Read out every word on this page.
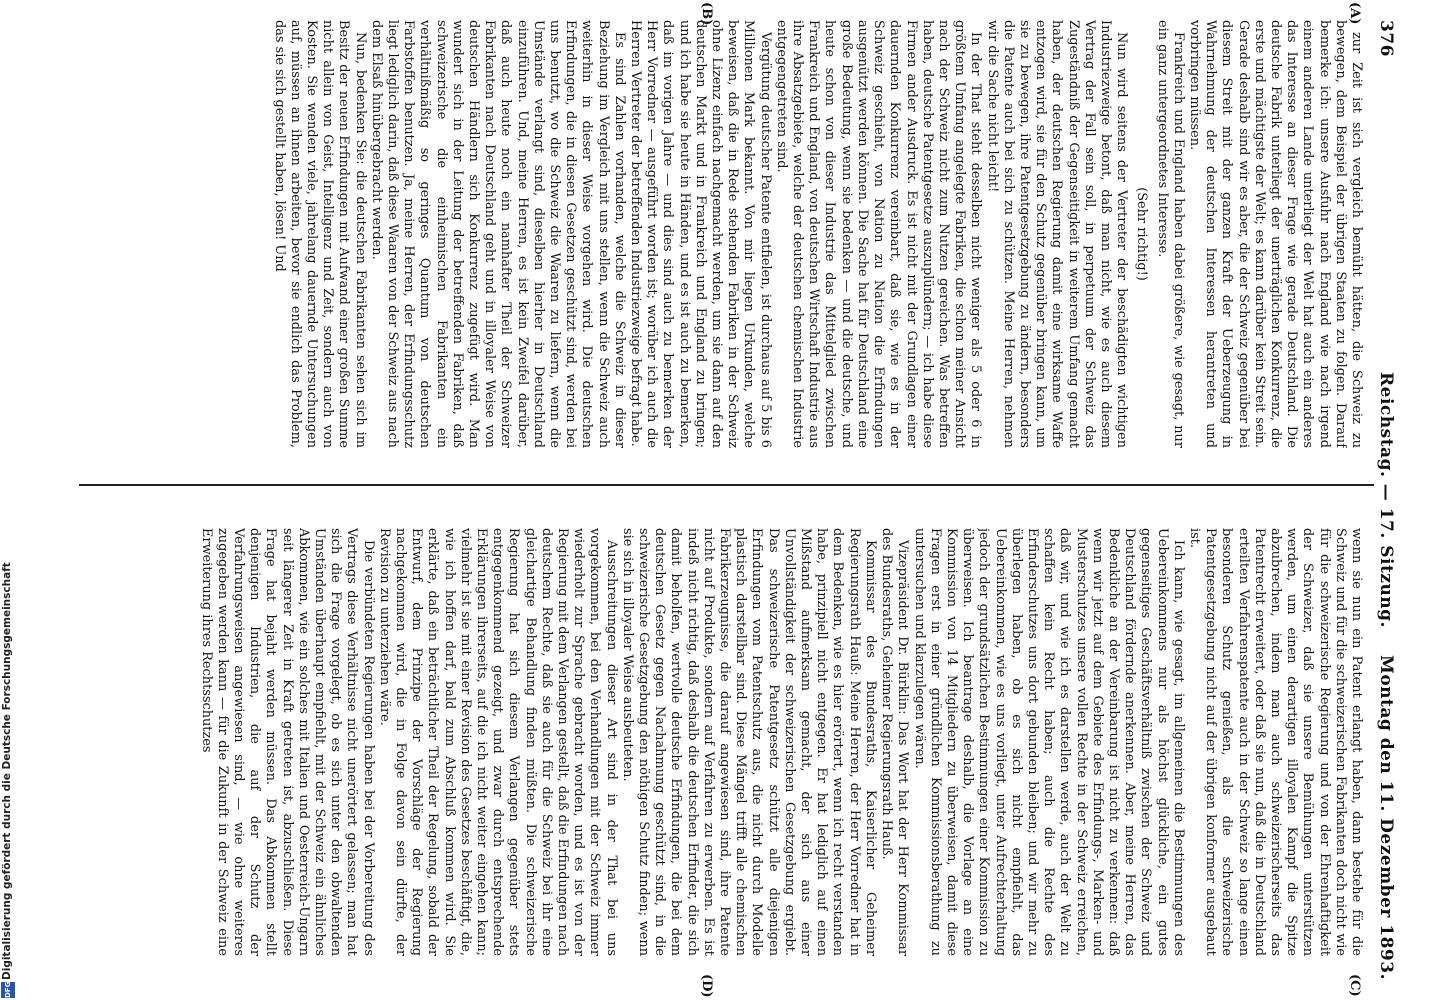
376
Reichstag. — 17. Sitzung.
Montag den 11. Dezember 1893.
(A)
(B)
(C)
(D)

zur Zeit ist sich vergleich bemüht hätten, die Schweiz zu bewegen, dem Beispiel der übrigen Staaten zu folgen. Darauf bemerke ich: unsere Ausfuhr nach England wie nach irgend einem anderen Lande unterliegt der Welt hat auch ein anderes das Interesse an dieser Frage wie gerade Deutschland. Die deutsche Fabrik unterliegt der unerträglichen Konkurrenz, die erste und mächtigste der Welt; es kann darüber kein Streit sein. Gerade deshalb sind wir es aber, die der Schweiz gegenüber bei diesem Streit mit der ganzen Kraft der Ueberzeugung in Wahrnehmung der deutschen Interessen herantreten und vorbringen müssen.

Frankreich und England haben dabei größere, wie gesagt, nur ein ganz untergeordnetes Interesse.

(Sehr richtig!)

Nun wird seitens der Vertreter der beschädigten wichtigen Industriezweige betont, daß man nicht, wie es auch diesem Vertrag der Fall sein soll, in perpetuum der Schweiz das Zugeständniß der Gegenseitigkeit in weiterem Umfang gemacht haben, der deutschen Regierung damit eine wirksame Waffe entzogen wird, sie für den Schutz gegenüber bringen kann, um sie zu bewegen, ihre Patentgesetzgebung zu ändern, besonders die Patente auch bei sich zu schützen. Meine Herren, nehmen wir die Sache nicht leicht!

In der That steht desselben nicht weniger als 5 oder 6 in größtem Umfang angelegte Fabriken, die schon meiner Ansicht nach der Schweiz nicht zum Nutzen gereichen. Was betreffen haben, deutsche Patentgesetze auszuplündern; — ich habe diese Firmen ander Ausdruck. Es ist nicht mit der Grundlagen einer dauernden Konkurrenz vereinbart, daß sie, wie es in der Schweiz geschieht, von Nation zu Nation die Erfindungen ausgenützt werden können. Die Sache hat für Deutschland eine große Bedeutung, wenn sie bedenken — und die deutsche, und heute schon von dieser Industrie das Mittelglied zwischen Frankreich und England, von deutschen Wirtschaft Industrie aus ihre Absatzgebiete, welche der deutschen chemischen Industrie entgegengetreten sind.

Vergütung deutscher Patente entfielen, ist durchaus auf 5 bis 6 Millionen Mark bekannt. Von mir liegen Urkunden, welche beweisen, daß die in Rede stehenden Fabriken in der Schweiz ohne Lizenz einfach nachgemacht werden, um sie dann auf den deutschen Markt und in Frankreich und England zu bringen; und ich habe sie heute in Händen, und es ist auch zu bemerken, daß im vorigen Jahre — und dies sind auch zu bemerken der Herr Vorredner — ausgeführt worden ist; worüber ich auch die Herren Vertreter der betreffenden Industriezweige befragt habe.

Es sind Zahlen vorhanden, welche die Schweiz in dieser Beziehung im Vergleich mit uns stellen, wenn die Schweiz auch weiterhin in dieser Weise vorgehen wird. Die deutschen Erfindungen, die in diesen Gesetzen geschützt sind, werden bei uns benutzt, wo die Schweiz die Waaren zu liefern, wenn die Umstände verlangt sind, dieselben hierher in Deutschland einzuführen. Und, meine Herren, es ist kein Zweifel darüber, daß auch heute noch ein namhafter Theil der Schweizer Fabrikanten nach Deutschland geht und in illoyaler Weise von deutschen Händlern sich Konkurrenz zugefügt wird. Man wundert sich in der Leitung der betreffenden Fabriken, daß schweizerische die einheimischen Fabrikanten ein verhältnißmäßig so geringes Quantum von deutschen Farbstoffen benutzen. Ja, meine Herren, der Erfindungsschutz liegt lediglich darin, daß diese Waaren von der Schweiz aus nach dem Elsaß hinübergebracht werden.

Nun, bedenken Sie: die deutschen Fabrikanten sehen sich im Besitz der neuen Erfindungen mit Aufwand einer großen Summe nicht allein von Geist, Intelligenz und Zeit, sondern auch von Kosten. Sie wenden viele, jahrelang dauernde Untersuchungen auf, müssen an ihnen arbeiten, bevor sie endlich das Problem, das sie sich gestellt haben, lösen! Und

wenn sie nun ein Patent erlangt haben, dann bestehe für die Schweiz und für die schweizerischen Fabrikanten doch nicht wie für die schweizerische Regierung und von der Ehrenhaftigkeit der Schweizer, daß sie unsere Bemühungen unterstützen werden, um einen derartigen illoyalen Kampf die Spitze abzubrechen, indem man auch schweizerischerseits das Patentrecht erweitert, oder daß sie nun, daß die in Deutschland erteilten Verfahrenspatente auch in der Schweiz so lange einen besonderen Schutz genießen, als die schweizerische Patentgesetzgebung nicht auf der übrigen konformer ausgebaut ist.

Ich kann, wie gesagt, im allgemeinen die Bestimmungen des Uebereinkommens nur als höchst glückliche, ein gutes gegenseitiges Geschäftsverhältniß zwischen der Schweiz und Deutschland fördernde anerkennen. Aber, meine Herren, das Bedenkliche an der Vereinbarung ist nicht zu verkennen: daß wenn wir jetzt auf dem Gebiete des Erfindungs-, Marken- und Musterschutzes unsere vollen Rechte in der Schweiz erreichen, daß wir, und wie ich es darstellen werde, auch der Welt zu schaffen kein Recht haben; auch die Rechte des Erfinderschutzes uns dort gebunden bleiben; und wir mehr zu überlegen haben, ob es sich nicht empfiehlt, das Uebereinkommen, wie es uns vorliegt, unter Aufrechterhaltung jedoch der grundsätzlichen Bestimmungen einer Kommission zu überweisen. Ich beantrage deshalb, die Vorlage an eine Kommission von 14 Mitgliedern zu überweisen, damit diese Fragen erst in einer gründlichen Kommissionsberathung zu untersuchen und klarzulegen wären.

Vizepräsident Dr. Bürklin: Das Wort hat der Herr Kommissar des Bundesraths, Geheimer Regierungsrath Hauß.

Kommissar des Bundesraths, Kaiserlicher Geheimer Regierungsrath Hauß: Meine Herren, der Herr Vorredner hat in dem Bedenken, wie es hier erörtert, wenn ich recht verstanden habe, prinzipiell nicht entgegen. Er hat lediglich auf einen Mißstand aufmerksam gemacht, der sich aus einer Unvollständigkeit der schweizerischen Gesetzgebung ergiebt. Das schweizerische Patentgesetz schützt alle diejenigen Erfindungen vom Patentschutz aus, die nicht durch Modelle plastisch darstellbar sind. Diese Mängel trifft alle chemischen Fabrikerzeugnisse, die darauf angewiesen sind, ihre Patente nicht auf Produkte, sondern auf Verfahren zu erwerben. Es ist indeß nicht richtig, daß deshalb die deutschen Erfinder, die sich damit beholfen, wertvolle deutsche Erfindungen, die bei dem deutschen Gesetz gegen Nachahmung geschützt sind, in die schweizerische Gesetzgebung den nöthigen Schutz finden; wenn sie sich in illoyaler Weise ausbeuteten.

Ausschreitungen dieser Art sind in der That bei uns vorgekommen, bei den Verhandlungen mit der Schweiz immer wiederholt zur Sprache gebracht worden, und es ist von der Regierung mit dem Verlangen gestellt, daß die Erfindungen nach deutschem Rechte, daß sie auch für die Schweiz bei ihr eine gleichartige Behandlung finden müßten. Die schweizerische Regierung hat sich diesem Verlangen gegenüber stets entgegenkommend gezeigt, und zwar durch entsprechende Erklärungen ihrerseits, auf die ich nicht weiter eingehen kann; vielmehr ist sie mit einer Revision des Gesetzes beschäftigt, die, wie ich hoffen darf, bald zum Abschluß kommen wird. Sie erklärte, daß ein beträchtlicher Theil der Regelung, sobald der Entwurf, dem Prinzipe der Vorschläge der Regierung nachgekommen wird, die in Folge davon sein dürfte, der Revision zu unterziehen wäre.

Die verbündeten Regierungen haben bei der Vorbereitung des Vertrags diese Verhältnisse nicht unerörtert gelassen; man hat sich die Frage vorgelegt, ob es sich unter den obwaltenden Umständen überhaupt empfiehlt, mit der Schweiz ein ähnliches Abkommen, wie ein solches mit Italien und Oesterreich-Ungarn seit längerer Zeit in Kraft getreten ist, abzuschließen. Diese Frage hat bejaht werden müssen. Das Abkommen stellt denjenigen Industrien, die auf der Schutz der Verfahrungsweisen angewiesen sind, — wie ohne weiteres zugegeben werden kann — für die Zukunft in der Schweiz eine Erweiterung ihres Rechtsschutzes

Digitalisierung gefördert durch die Deutsche Forschungsgemeinschaft
DFG
